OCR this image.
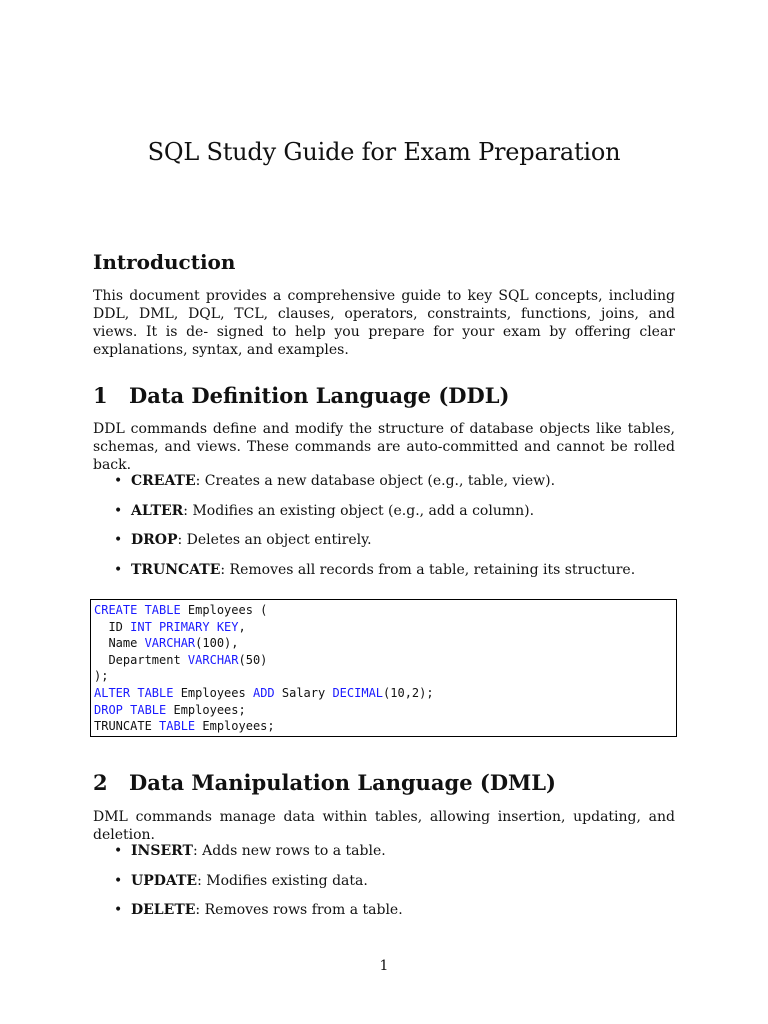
SQL Study Guide for Exam Preparation
Introduction

This document provides a comprehensive guide to key SQL concepts, including DDL, DML, DQL, TCL, clauses, operators, constraints, functions, joins, and views. It is de- signed to help you prepare for your exam by offering clear explanations, syntax, and examples.

1 Data Definition Language (DDL)

DDL commands define and modify the structure of database objects like tables, schemas, and views. These commands are auto-committed and cannot be rolled back.

• CREATE: Creates a new database object (e.g., table, view).
• ALTER: Modifies an existing object (e.g., add a column).
• DROP: Deletes an object entirely.
• TRUNCATE: Removes all records from a table, retaining its structure.
CREATE TABLE Employees (
ID INT PRIMARY KEY,
Name VARCHAR(100),
Department VARCHAR(50)
);
ALTER TABLE Employees ADD Salary DECIMAL(10,2);
DROP TABLE Employees;
TRUNCATE TABLE Employees;
2 Data Manipulation Language (DML)

DML commands manage data within tables, allowing insertion, updating, and deletion.

• INSERT: Adds new rows to a table.
• UPDATE: Modifies existing data.
• DELETE: Removes rows from a table.
1
